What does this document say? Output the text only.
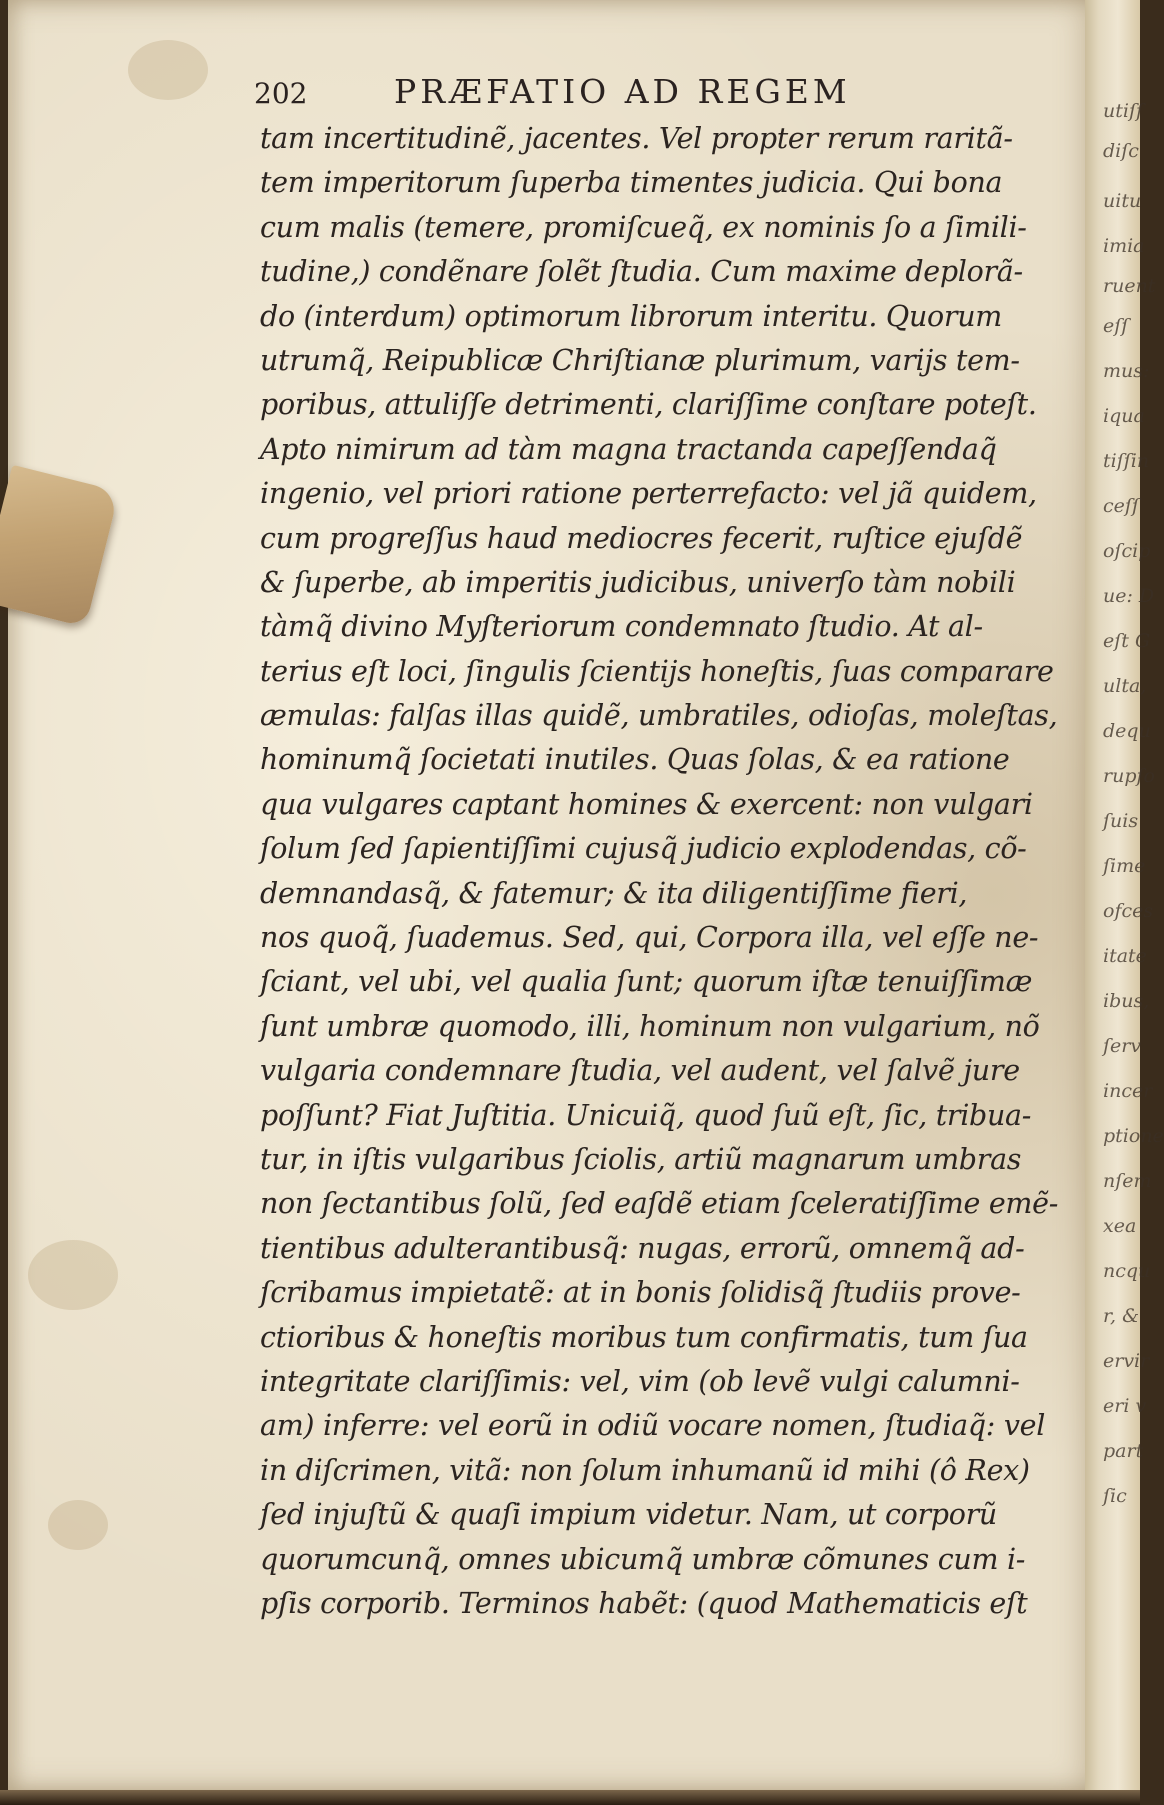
202	PRÆFATIO AD REGEM
tam incertitudinẽ, jacentes. Vel propter rerum raritã-
tem imperitorum ſuperba timentes judicia. Qui bona
cum malis (temere, promiſcueq̃, ex nominis ſo a ſimili-
tudine,) condẽnare ſolẽt ſtudia. Cum maxime deplorã-
do (interdum) optimorum librorum interitu. Quorum
utrumq̃, Reipublicæ Chriſtianæ plurimum, varijs tem-
poribus, attuliſſe detrimenti, clariſſime conſtare poteſt.
Apto nimirum ad tàm magna tractanda capeſſendaq̃
ingenio, vel priori ratione perterrefacto: vel jã quidem,
cum progreſſus haud mediocres fecerit, ruſtice ejuſdẽ
& ſuperbe, ab imperitis judicibus, univerſo tàm nobili
tàmq̃ divino Myſteriorum condemnato ſtudio. At al-
terius eſt loci, ſingulis ſcientijs honeſtis, ſuas comparare
æmulas: falſas illas quidẽ, umbratiles, odioſas, moleſtas,
hominumq̃ ſocietati inutiles. Quas ſolas, & ea ratione
qua vulgares captant homines & exercent: non vulgari
ſolum ſed ſapientiſſimi cujusq̃ judicio explodendas, cõ-
demnandasq̃, & fatemur; & ita diligentiſſime fieri,
nos quoq̃, ſuademus. Sed, qui, Corpora illa, vel eſſe ne-
ſciant, vel ubi, vel qualia ſunt; quorum iſtæ tenuiſſimæ
ſunt umbræ quomodo, illi, hominum non vulgarium, nõ
vulgaria condemnare ſtudia, vel audent, vel ſalvẽ jure
poſſunt? Fiat Juſtitia. Unicuiq̃, quod ſuũ eſt, ſic, tribua-
tur, in iſtis vulgaribus ſciolis, artiũ magnarum umbras
non ſectantibus ſolũ, ſed eaſdẽ etiam ſceleratiſſime emẽ-
tientibus adulterantibusq̃: nugas, errorũ, omnemq̃ ad-
ſcribamus impietatẽ: at in bonis ſolidisq̃ ſtudiis prove-
ctioribus & honeſtis moribus tum confirmatis, tum ſua
integritate clariſſimis: vel, vim (ob levẽ vulgi calumni-
am) inferre: vel eorũ in odiũ vocare nomen, ſtudiaq̃: vel
in diſcrimen, vitã: non ſolum inhumanũ id mihi (ô Rex)
ſed injuſtũ & quaſi impium videtur. Nam, ut corporũ
quorumcunq̃, omnes ubicumq̃ umbræ cõmunes cum i-
pſis corporib. Terminos habẽt: (quod Mathematicis eſt
utiſſ
diſc
uitu
imia
ruent
eſſ
mus:
iqua
tiſſin
ceſſ
oſcip
ue: D
eſt G
ulta,
dequ
rupſo
ſuis
ſime
ofces
itate
ibus,
ſerv
incer
ptione
nſem
xea
ncqu
r, &
ervir
eri v
part
ſic
